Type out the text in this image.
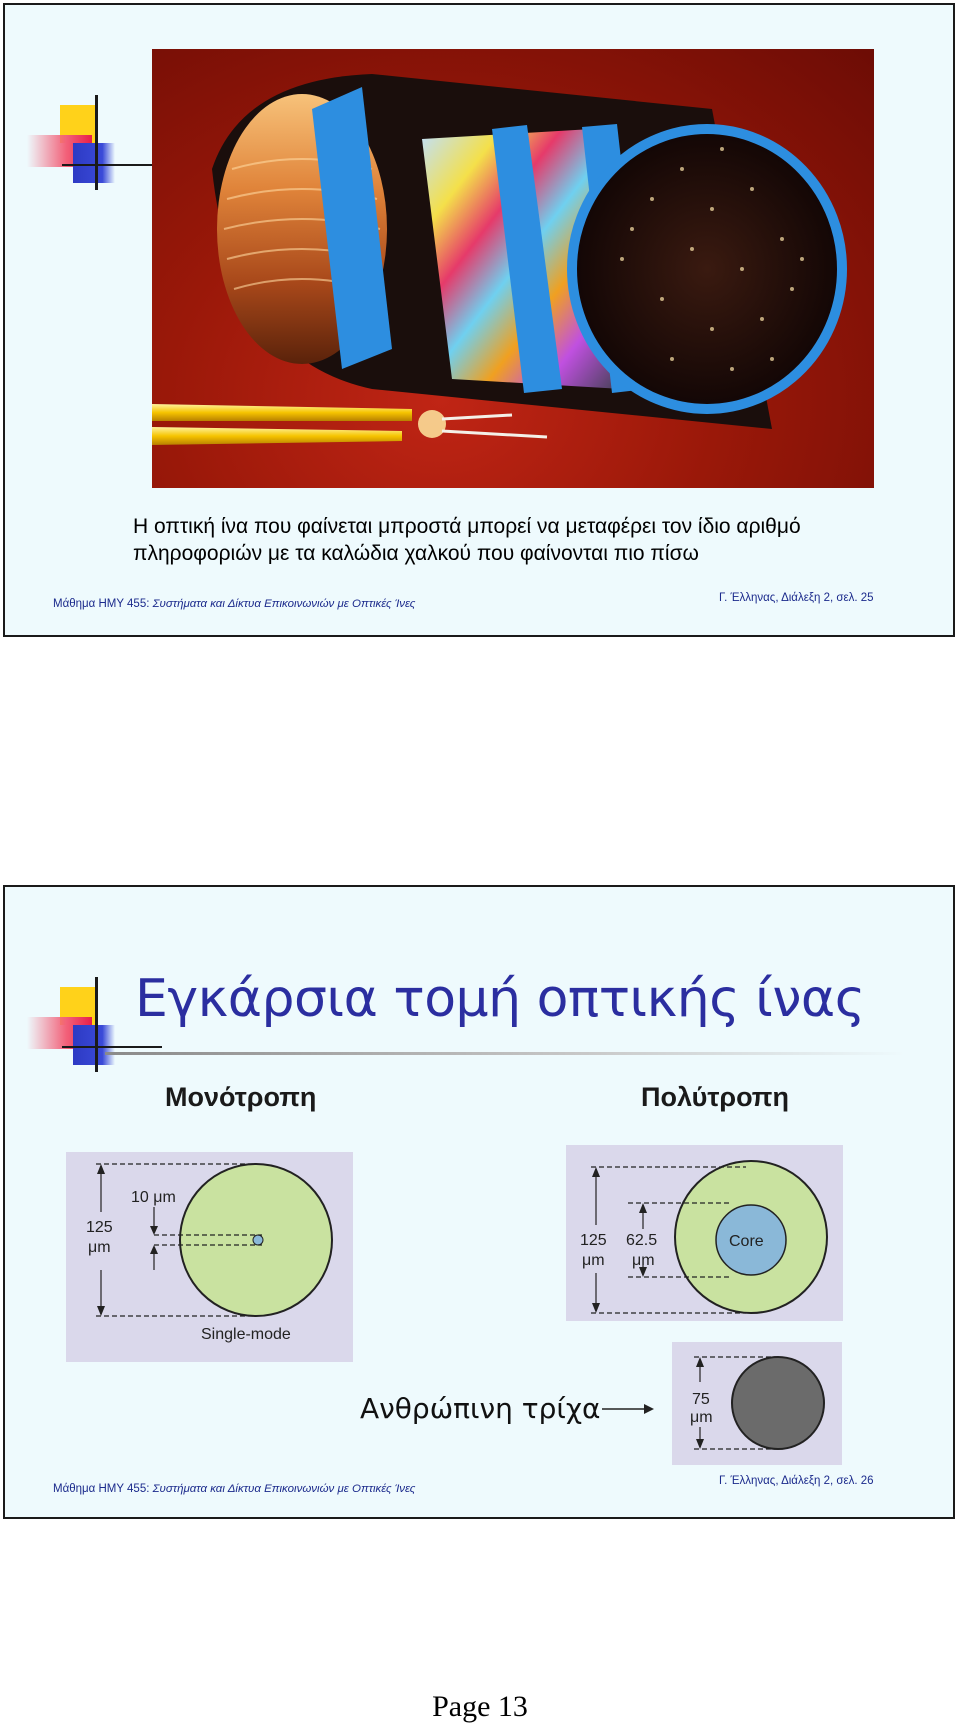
Η οπτική ίνα που φαίνεται μπροστά μπορεί να μεταφέρει τον ίδιο αριθμό
πληροφοριών με τα καλώδια χαλκού που φαίνονται πιο πίσω
Μάθημα ΗΜΥ 455: Συστήματα και Δίκτυα Επικοινωνιών με Οπτικές Ίνες	Γ. Έλληνας, Διάλεξη 2, σελ. 25
Εγκάρσια τομή οπτικής ίνας
Μονότροπη	Πολύτροπη
125
μm
10 μm
Single-mode
Core
125
μm
62.5
μm
Ανθρώπινη τρίχα	75
μm
Μάθημα ΗΜΥ 455: Συστήματα και Δίκτυα Επικοινωνιών με Οπτικές Ίνες
Γ. Έλληνας, Διάλεξη 2, σελ. 26
Page 13
